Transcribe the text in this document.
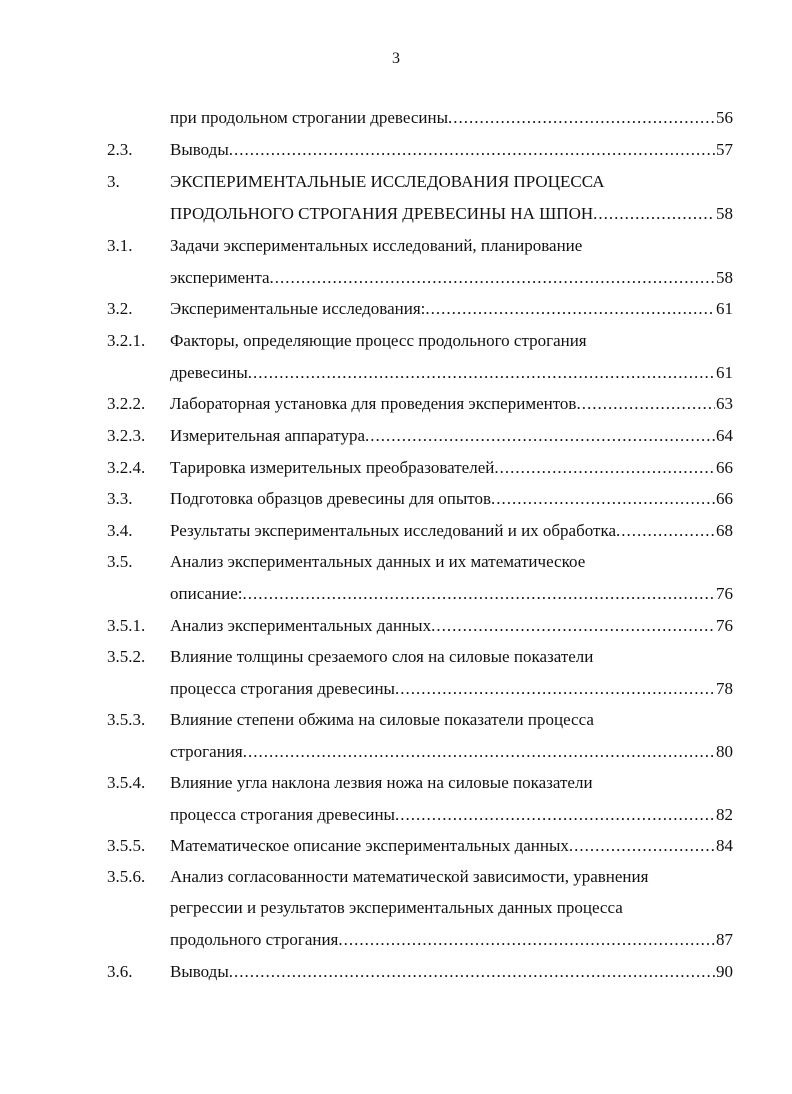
3
при продольном строгании древесины .....	56
2.3. Выводы .....	57
3.	ЭКСПЕРИМЕНТАЛЬНЫЕ ИССЛЕДОВАНИЯ ПРОЦЕССА
ПРОДОЛЬНОГО СТРОГАНИЯ ДРЕВЕСИНЫ НА ШПОН .....	58
3.1. Задачи экспериментальных исследований, планирование
эксперимента .....	58
3.2. Экспериментальные исследования: .....	61
3.2.1. Факторы, определяющие процесс продольного строгания
древесины .....	61
3.2.2. Лабораторная установка для проведения экспериментов .....	63
3.2.3. Измерительная аппаратура .....	64
3.2.4. Тарировка измерительных преобразователей .....	66
3.3. Подготовка образцов древесины для опытов .....	66
3.4. Результаты экспериментальных исследований и их обработка .....	68
3.5. Анализ экспериментальных данных и их математическое
описание: .....	76
3.5.1. Анализ экспериментальных данных .....	76
3.5.2. Влияние толщины срезаемого слоя на силовые показатели
процесса строгания древесины .....	78
3.5.3. Влияние степени обжима на силовые показатели процесса
строгания .....	80
3.5.4. Влияние угла наклона лезвия ножа на силовые показатели
процесса строгания древесины .....	82
3.5.5. Математическое описание экспериментальных данных .....	84
3.5.6. Анализ согласованности математической зависимости, уравнения
регрессии и результатов экспериментальных данных процесса
продольного строгания .....	87
3.6. Выводы .....	90
